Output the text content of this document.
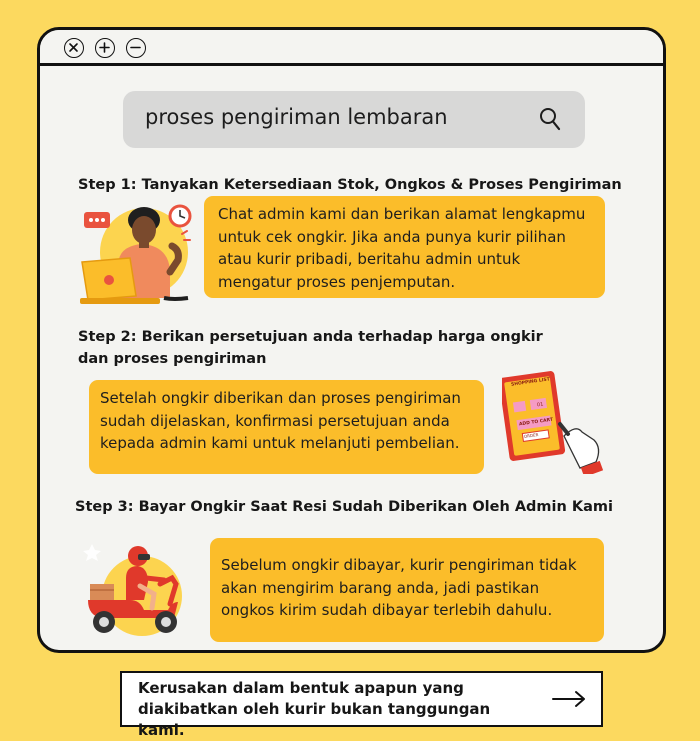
proses pengiriman lembaran
Step 1: Tanyakan Ketersediaan Stok, Ongkos & Proses Pengiriman
Chat admin kami dan berikan alamat lengkapmu untuk cek ongkir. Jika anda punya kurir pilihan atau kurir pribadi, beritahu admin untuk mengatur proses penjemputan.
Step 2: Berikan persetujuan anda terhadap harga ongkir dan proses pengiriman
Setelah ongkir diberikan dan proses pengiriman sudah dijelaskan, konfirmasi persetujuan anda kepada admin kami untuk melanjuti pembelian.
SHOPPING LIST
01
ADD TO CART
ORDER
Step 3: Bayar Ongkir Saat Resi Sudah Diberikan Oleh Admin Kami
Sebelum ongkir dibayar, kurir pengiriman tidak akan mengirim barang anda, jadi pastikan ongkos kirim sudah dibayar terlebih dahulu.
Kerusakan dalam bentuk apapun yang diakibatkan oleh kurir bukan tanggungan kami.
